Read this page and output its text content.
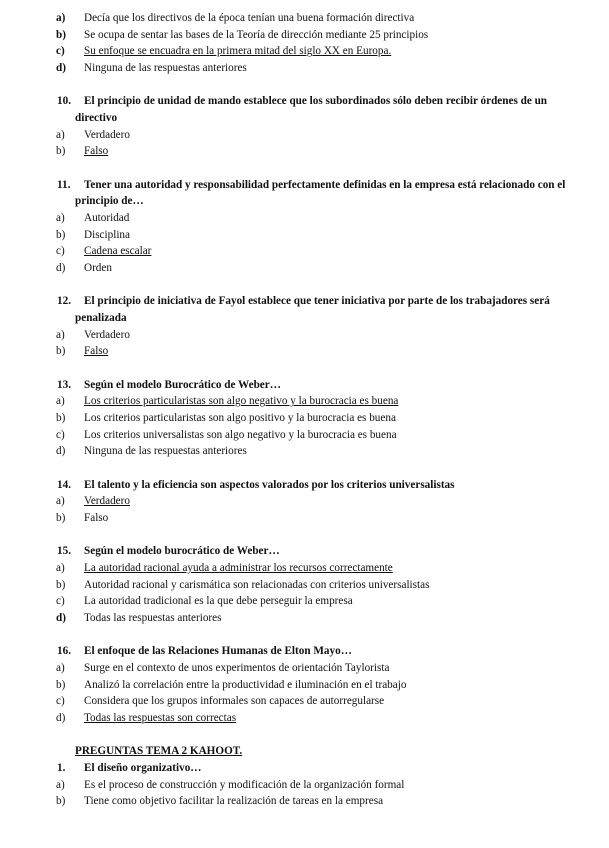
a) Decía que los directivos de la época tenían una buena formación directiva
b) Se ocupa de sentar las bases de la Teoría de dirección mediante 25 principios
c) Su enfoque se encuadra en la primera mitad del siglo XX en Europa.
d) Ninguna de las respuestas anteriores
10. El principio de unidad de mando establece que los subordinados sólo deben recibir órdenes de un
directivo
a) Verdadero
b) Falso
11. Tener una autoridad y responsabilidad perfectamente definidas en la empresa está relacionado con el
principio de…
a) Autoridad
b) Disciplina
c) Cadena escalar
d) Orden
12. El principio de iniciativa de Fayol establece que tener iniciativa por parte de los trabajadores será
penalizada
a) Verdadero
b) Falso
13. Según el modelo Burocrático de Weber…
a) Los criterios particularistas son algo negativo y la burocracia es buena
b) Los criterios particularistas son algo positivo y la burocracia es buena
c) Los criterios universalistas son algo negativo y la burocracia es buena
d) Ninguna de las respuestas anteriores
14. El talento y la eficiencia son aspectos valorados por los criterios universalistas
a) Verdadero
b) Falso
15. Según el modelo burocrático de Weber…
a) La autoridad racional ayuda a administrar los recursos correctamente
b) Autoridad racional y carismática son relacionadas con criterios universalistas
c) La autoridad tradicional es la que debe perseguir la empresa
d) Todas las respuestas anteriores
16. El enfoque de las Relaciones Humanas de Elton Mayo…
a) Surge en el contexto de unos experimentos de orientación Taylorista
b) Analizó la correlación entre la productividad e iluminación en el trabajo
c) Considera que los grupos informales son capaces de autorregularse
d) Todas las respuestas son correctas
PREGUNTAS TEMA 2 KAHOOT.
1. El diseño organizativo…
a) Es el proceso de construcción y modificación de la organización formal
b) Tiene como objetivo facilitar la realización de tareas en la empresa
